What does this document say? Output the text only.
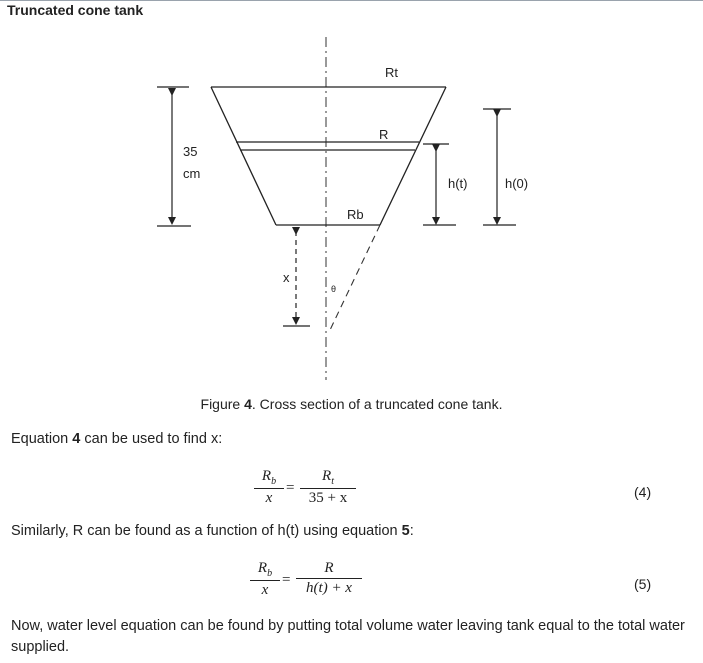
Truncated cone tank
Rt
R
Rb
35
cm
h(t)	h(0)
x
θ
Figure 4. Cross section of a truncated cone tank.
Equation 4 can be used to find x:
$R_b$
x
=
$R_t$
35 + x	(4)
Similarly, R can be found as a function of h(t) using equation 5:
$R_b$
x
=
R
h(t) + x	(5)
Now, water level equation can be found by putting total volume water leaving tank equal to the total water supplied.
